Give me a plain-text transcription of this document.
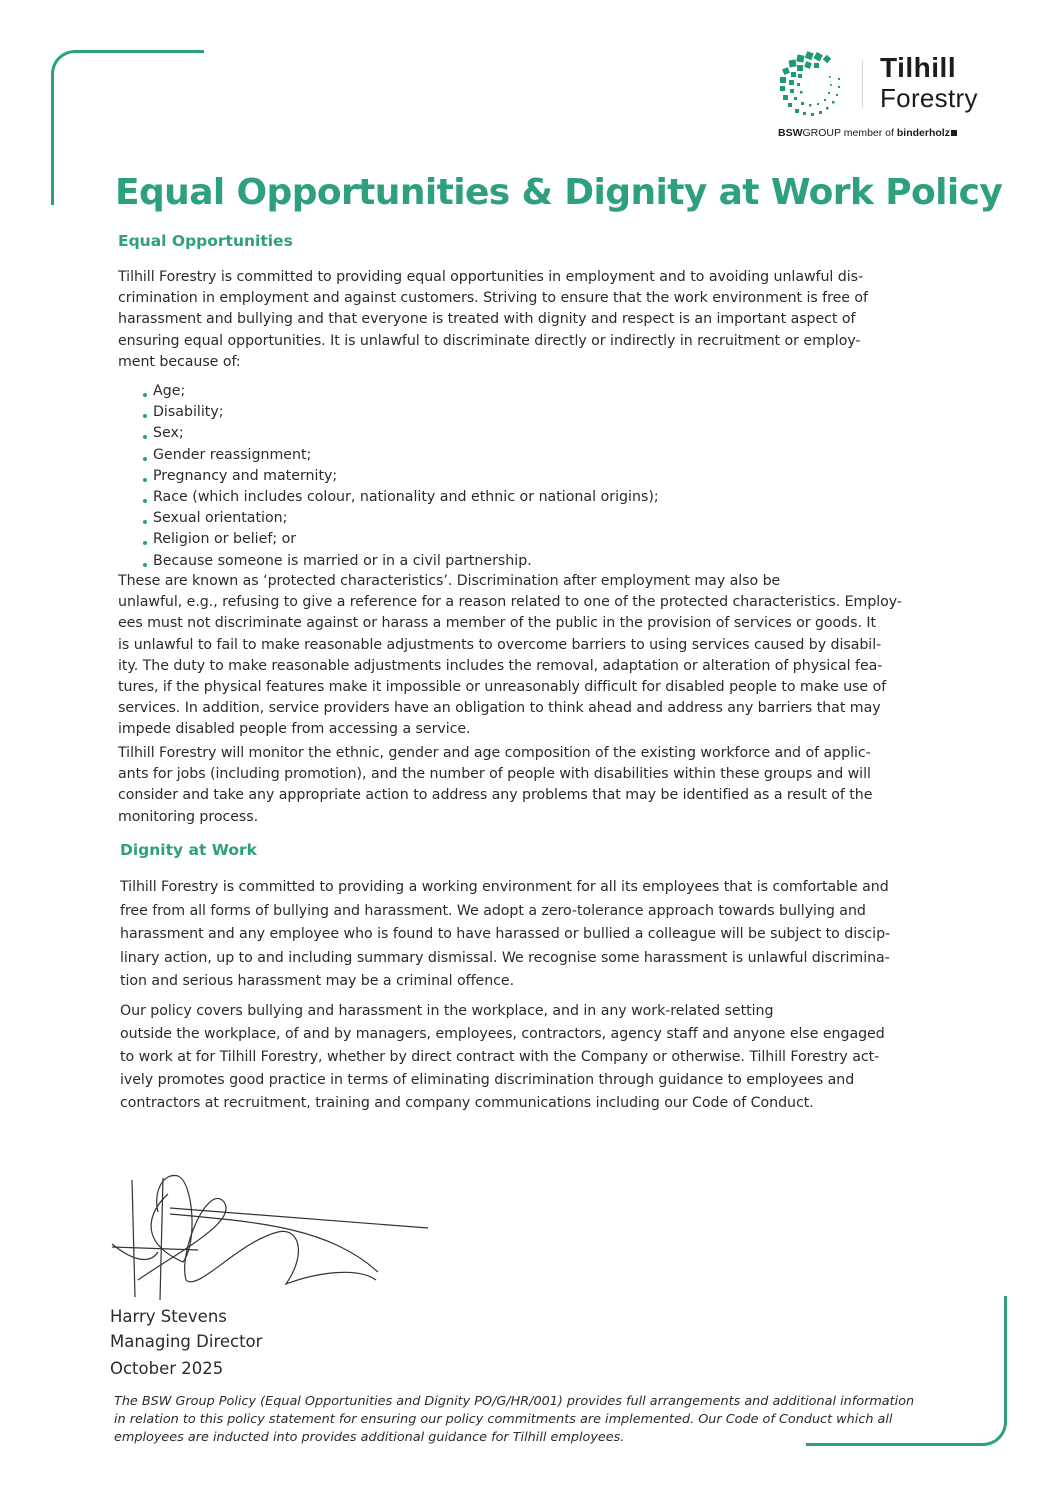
Tilhill
Forestry
BSWGROUP member of binderholz
Equal Opportunities & Dignity at Work Policy
Equal Opportunities
Tilhill Forestry is committed to providing equal opportunities in employment and to avoiding unlawful dis-
crimination in employment and against customers. Striving to ensure that the work environment is free of
harassment and bullying and that everyone is treated with dignity and respect is an important aspect of
ensuring equal opportunities. It is unlawful to discriminate directly or indirectly in recruitment or employ-
ment because of:
Age;
Disability;
Sex;
Gender reassignment;
Pregnancy and maternity;
Race (which includes colour, nationality and ethnic or national origins);
Sexual orientation;
Religion or belief; or
Because someone is married or in a civil partnership.
These are known as ‘protected characteristics’. Discrimination after employment may also be
unlawful, e.g., refusing to give a reference for a reason related to one of the protected characteristics. Employ-
ees must not discriminate against or harass a member of the public in the provision of services or goods. It
is unlawful to fail to make reasonable adjustments to overcome barriers to using services caused by disabil-
ity. The duty to make reasonable adjustments includes the removal, adaptation or alteration of physical fea-
tures, if the physical features make it impossible or unreasonably difficult for disabled people to make use of
services. In addition, service providers have an obligation to think ahead and address any barriers that may
impede disabled people from accessing a service.
Tilhill Forestry will monitor the ethnic, gender and age composition of the existing workforce and of applic-
ants for jobs (including promotion), and the number of people with disabilities within these groups and will
consider and take any appropriate action to address any problems that may be identified as a result of the
monitoring process.
Dignity at Work
Tilhill Forestry is committed to providing a working environment for all its employees that is comfortable and
free from all forms of bullying and harassment. We adopt a zero-tolerance approach towards bullying and
harassment and any employee who is found to have harassed or bullied a colleague will be subject to discip-
linary action, up to and including summary dismissal. We recognise some harassment is unlawful discrimina-
tion and serious harassment may be a criminal offence.
Our policy covers bullying and harassment in the workplace, and in any work-related setting
outside the workplace, of and by managers, employees, contractors, agency staff and anyone else engaged
to work at for Tilhill Forestry, whether by direct contract with the Company or otherwise. Tilhill Forestry act-
ively promotes good practice in terms of eliminating discrimination through guidance to employees and
contractors at recruitment, training and company communications including our Code of Conduct.
Harry Stevens
Managing Director
October 2025
The BSW Group Policy (Equal Opportunities and Dignity PO/G/HR/001) provides full arrangements and additional information
in relation to this policy statement for ensuring our policy commitments are implemented. Our Code of Conduct which all
employees are inducted into provides additional guidance for Tilhill employees.
